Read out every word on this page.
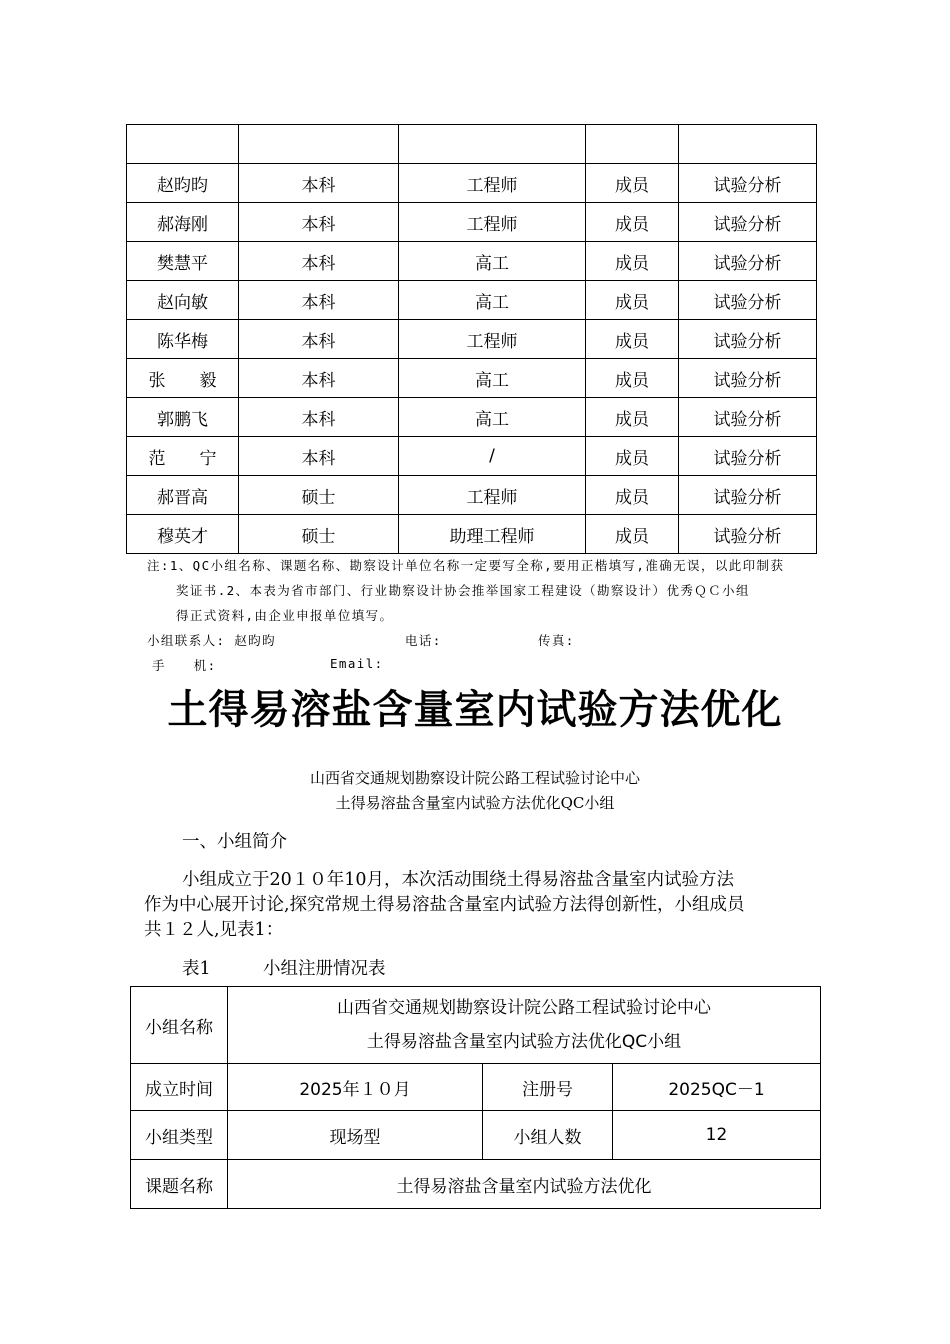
赵昀昀	本科	工程师	成员	试验分析
郝海刚	本科	工程师	成员	试验分析
樊慧平	本科	高工	成员	试验分析
赵向敏	本科	高工	成员	试验分析
陈华梅	本科	工程师	成员	试验分析
张　　毅	本科	高工	成员	试验分析
郭鹏飞	本科	高工	成员	试验分析
范　　宁	本科	/	成员	试验分析
郝晋高	硕士	工程师	成员	试验分析
穆英才	硕士	助理工程师	成员	试验分析
注:1、QC小组名称、课题名称、勘察设计单位名称一定要写全称,要用正楷填写,准确无误，以此印制获
奖证书.2、本表为省市部门、行业勘察设计协会推举国家工程建设（勘察设计）优秀ＱＣ小组
得正式资料,由企业申报单位填写。
小组联系人: 赵昀昀	电话:	传真:
手　　机:	Email:
土得易溶盐含量室内试验方法优化
山西省交通规划勘察设计院公路工程试验讨论中心
土得易溶盐含量室内试验方法优化QC小组
一、小组简介
小组成立于20１０年10月，本次活动围绕土得易溶盐含量室内试验方法
作为中心展开讨论,探究常规土得易溶盐含量室内试验方法得创新性，小组成员
共１２人,见表1：
表1	小组注册情况表
小组名称	山西省交通规划勘察设计院公路工程试验讨论中心
土得易溶盐含量室内试验方法优化QC小组		

成立时间	2025年１０月	注册号	2025QC－1
小组类型	现场型	小组人数	12
课题名称	土得易溶盐含量室内试验方法优化		
